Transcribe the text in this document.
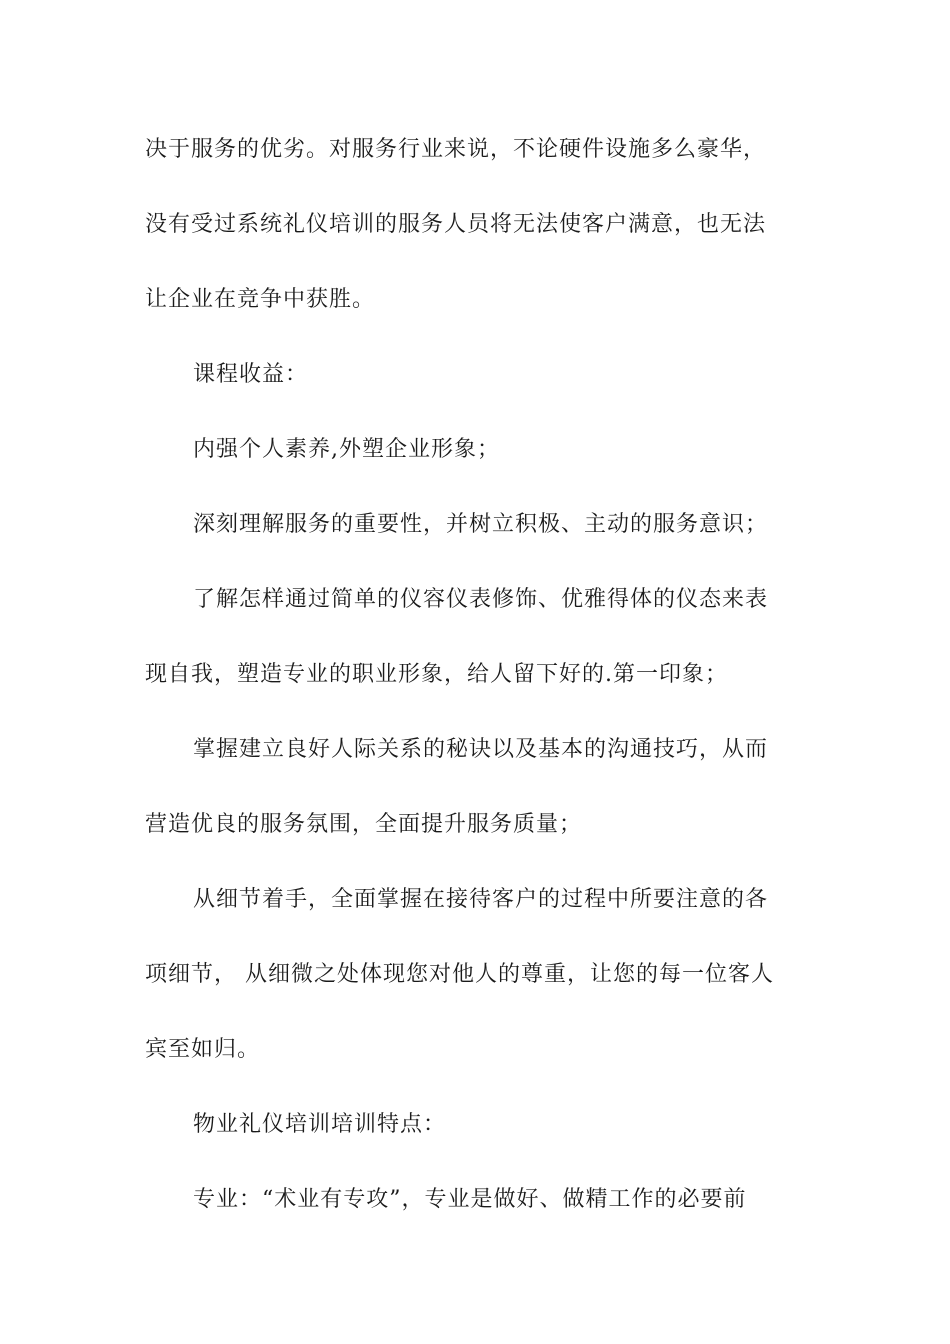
决于服务的优劣。对服务行业来说，不论硬件设施多么豪华，
没有受过系统礼仪培训的服务人员将无法使客户满意，也无法
让企业在竞争中获胜。
课程收益：
内强个人素养,外塑企业形象；
深刻理解服务的重要性，并树立积极、主动的服务意识；
了解怎样通过简单的仪容仪表修饰、优雅得体的仪态来表
现自我，塑造专业的职业形象，给人留下好的.第一印象；
掌握建立良好人际关系的秘诀以及基本的沟通技巧，从而
营造优良的服务氛围，全面提升服务质量；
从细节着手，全面掌握在接待客户的过程中所要注意的各
项细节， 从细微之处体现您对他人的尊重，让您的每一位客人
宾至如归。
物业礼仪培训培训特点：
专业：“术业有专攻”，专业是做好、做精工作的必要前
